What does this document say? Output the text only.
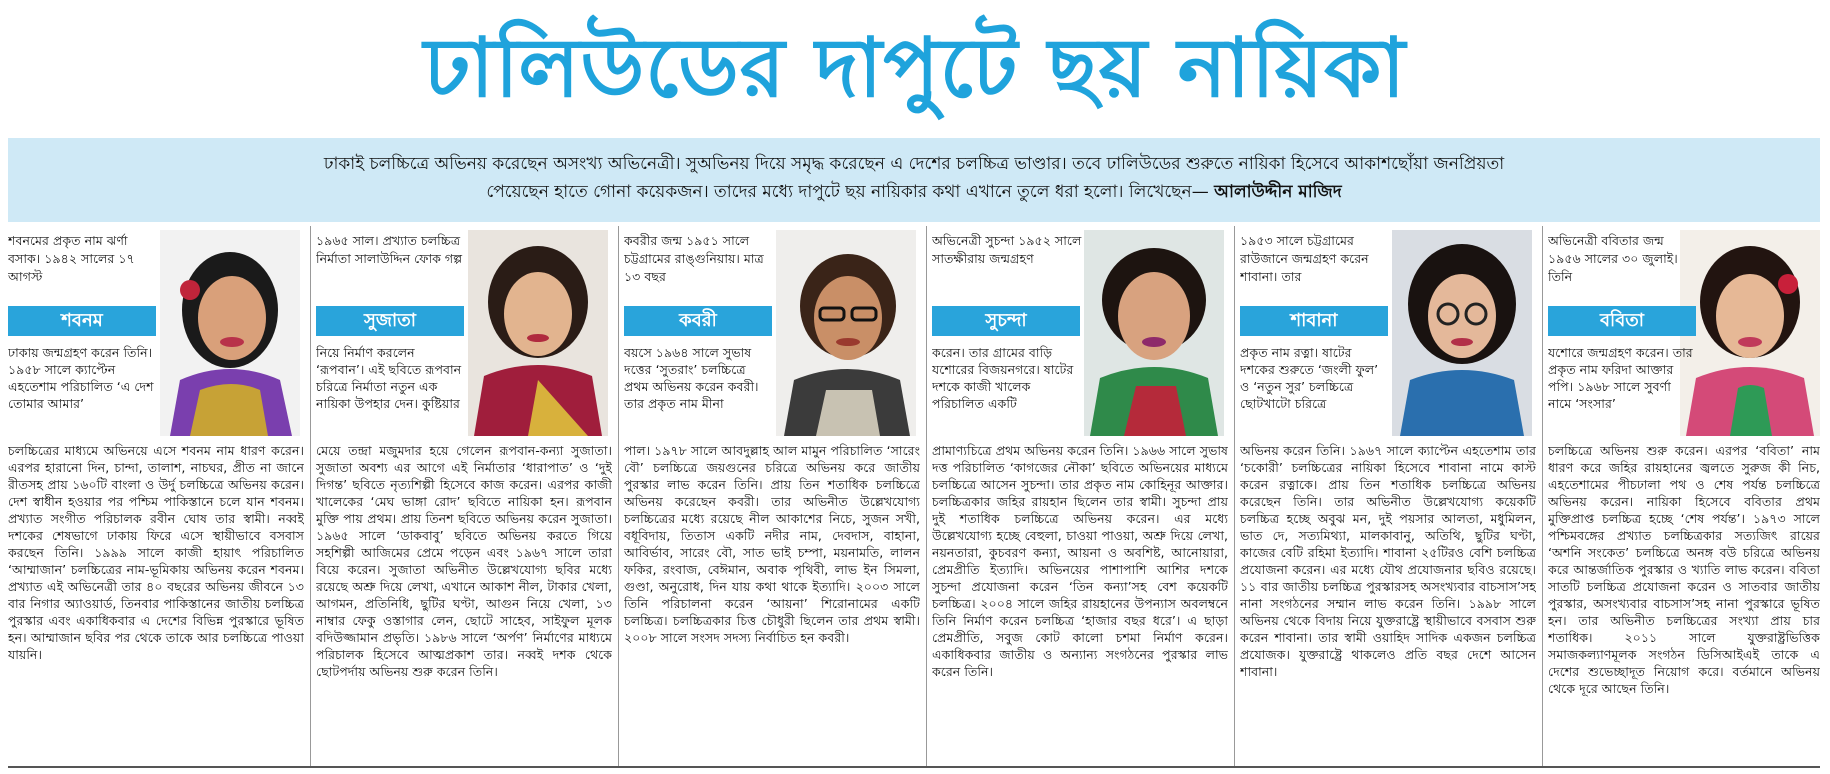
ঢালিউডের দাপুটে ছয় নায়িকা
ঢাকাই চলচ্চিত্রে অভিনয় করেছেন অসংখ্য অভিনেত্রী। সুঅভিনয় দিয়ে সমৃদ্ধ করেছেন এ দেশের চলচ্চিত্র ভাণ্ডার। তবে ঢালিউডের শুরুতে নায়িকা হিসেবে আকাশছোঁয়া জনপ্রিয়তা
পেয়েছেন হাতে গোনা কয়েকজন। তাদের মধ্যে দাপুটে ছয় নায়িকার কথা এখানে তুলে ধরা হলো। লিখেছেন— আলাউদ্দীন মাজিদ
শবনমের প্রকৃত নাম ঝর্ণা বসাক। ১৯৪২ সালের ১৭ আগস্ট
শবনম
ঢাকায় জন্মগ্রহণ করেন তিনি। ১৯৫৮ সালে ক্যাপ্টেন এহতেশাম পরিচালিত ‘এ দেশ তোমার আমার’

চলচ্চিত্রের মাধ্যমে অভিনয়ে এসে শবনম নাম ধারণ করেন। এরপর হারানো দিন, চান্দা, তালাশ, নাচঘর, প্রীত না জানে রীতসহ প্রায় ১৬০টি বাংলা ও উর্দু চলচ্চিত্রে অভিনয় করেন। দেশ স্বাধীন হওয়ার পর পশ্চিম পাকিস্তানে চলে যান শবনম। প্রখ্যাত সংগীত পরিচালক রবীন ঘোষ তার স্বামী। নব্বই দশকের শেষভাগে ঢাকায় ফিরে এসে স্থায়ীভাবে বসবাস করছেন তিনি। ১৯৯৯ সালে কাজী হায়াৎ পরিচালিত ‘আম্মাজান’ চলচ্চিত্রের নাম-ভূমিকায় অভিনয় করেন শবনম। প্রখ্যাত এই অভিনেত্রী তার ৪০ বছরের অভিনয় জীবনে ১৩ বার নিগার অ্যাওয়ার্ড, তিনবার পাকিস্তানের জাতীয় চলচ্চিত্র পুরস্কার এবং একাধিকবার এ দেশের বিভিন্ন পুরস্কারে ভূষিত হন। আম্মাজান ছবির পর থেকে তাকে আর চলচ্চিত্রে পাওয়া যায়নি।

১৯৬৫ সাল। প্রখ্যাত চলচ্চিত্র নির্মাতা সালাউদ্দিন ফোক গল্প
সুজাতা
নিয়ে নির্মাণ করলেন ‘রূপবান’। এই ছবিতে রূপবান চরিত্রে নির্মাতা নতুন এক নায়িকা উপহার দেন। কুষ্টিয়ার

মেয়ে তন্দ্রা মজুমদার হয়ে গেলেন রূপবান-কন্যা সুজাতা। সুজাতা অবশ্য এর আগে এই নির্মাতার ‘ধারাপাত’ ও ‘দুই দিগন্ত’ ছবিতে নৃত্যশিল্পী হিসেবে কাজ করেন। এরপর কাজী খালেকের ‘মেঘ ভাঙ্গা রোদ’ ছবিতে নায়িকা হন। রূপবান মুক্তি পায় প্রথম। প্রায় তিনশ ছবিতে অভিনয় করেন সুজাতা। ১৯৬৫ সালে ‘ডাকবাবু’ ছবিতে অভিনয় করতে গিয়ে সহশিল্পী আজিমের প্রেমে পড়েন এবং ১৯৬৭ সালে তারা বিয়ে করেন। সুজাতা অভিনীত উল্লেখযোগ্য ছবির মধ্যে রয়েছে অশ্রু দিয়ে লেখা, এখানে আকাশ নীল, টাকার খেলা, আগমন, প্রতিনিধি, ছুটির ঘণ্টা, আগুন নিয়ে খেলা, ১৩ নাম্বার ফেকু ওস্তাগার লেন, ছোটে সাহেব, সাইফুল মূলক বদিউজ্জামান প্রভৃতি। ১৯৮৬ সালে ‘অর্পণ’ নির্মাণের মাধ্যমে পরিচালক হিসেবে আত্মপ্রকাশ তার। নব্বই দশক থেকে ছোটপর্দায় অভিনয় শুরু করেন তিনি।

কবরীর জন্ম ১৯৫১ সালে চট্টগ্রামের রাঙ্গুনিয়ায়। মাত্র ১৩ বছর
কবরী
বয়সে ১৯৬৪ সালে সুভাষ দত্তের ‘সুতরাং’ চলচ্চিত্রে প্রথম অভিনয় করেন কবরী। তার প্রকৃত নাম মীনা

পাল। ১৯৭৮ সালে আবদুল্লাহ আল মামুন পরিচালিত ‘সারেং বৌ’ চলচ্চিত্রে জয়গুনের চরিত্রে অভিনয় করে জাতীয় পুরস্কার লাভ করেন তিনি। প্রায় তিন শতাধিক চলচ্চিত্রে অভিনয় করেছেন কবরী। তার অভিনীত উল্লেখযোগ্য চলচ্চিত্রের মধ্যে রয়েছে নীল আকাশের নিচে, সুজন সখী, বধূবিদায়, তিতাস একটি নদীর নাম, দেবদাস, বাহানা, আবির্ভাব, সারেং বৌ, সাত ভাই চম্পা, ময়নামতি, লালন ফকির, রংবাজ, বেঈমান, অবাক পৃথিবী, লাভ ইন সিমলা, গুণ্ডা, অনুরোধ, দিন যায় কথা থাকে ইত্যাদি। ২০০৩ সালে তিনি পরিচালনা করেন ‘আয়না’ শিরোনামের একটি চলচ্চিত্র। চলচ্চিত্রকার চিত্ত চৌধুরী ছিলেন তার প্রথম স্বামী। ২০০৮ সালে সংসদ সদস্য নির্বাচিত হন কবরী।

অভিনেত্রী সুচন্দা ১৯৫২ সালে সাতক্ষীরায় জন্মগ্রহণ
সুচন্দা
করেন। তার গ্রামের বাড়ি যশোরের বিজয়নগরে। ষাটের দশকে কাজী খালেক পরিচালিত একটি

প্রামাণ্যচিত্রে প্রথম অভিনয় করেন তিনি। ১৯৬৬ সালে সুভাষ দত্ত পরিচালিত ‘কাগজের নৌকা’ ছবিতে অভিনয়ের মাধ্যমে চলচ্চিত্রে আসেন সুচন্দা। তার প্রকৃত নাম কোহিনূর আক্তার। চলচ্চিত্রকার জহির রায়হান ছিলেন তার স্বামী। সুচন্দা প্রায় দুই শতাধিক চলচ্চিত্রে অভিনয় করেন। এর মধ্যে উল্লেখযোগ্য হচ্ছে বেহুলা, চাওয়া পাওয়া, অশ্রু দিয়ে লেখা, নয়নতারা, কুচবরণ কন্যা, আয়না ও অবশিষ্ট, আনোয়ারা, প্রেমপ্রীতি ইত্যাদি। অভিনয়ের পাশাপাশি আশির দশকে সুচন্দা প্রযোজনা করেন ‘তিন কন্যা’সহ বেশ কয়েকটি চলচ্চিত্র। ২০০৪ সালে জহির রায়হানের উপন্যাস অবলম্বনে তিনি নির্মাণ করেন চলচ্চিত্র ‘হাজার বছর ধরে’। এ ছাড়া প্রেমপ্রীতি, সবুজ কোট কালো চশমা নির্মাণ করেন। একাধিকবার জাতীয় ও অন্যান্য সংগঠনের পুরস্কার লাভ করেন তিনি।

১৯৫৩ সালে চট্টগ্রামের রাউজানে জন্মগ্রহণ করেন শাবানা। তার
শাবানা
প্রকৃত নাম রত্না। ষাটের দশকের শুরুতে ‘জংলী ফুল’ ও ‘নতুন সুর’ চলচ্চিত্রে ছোটখাটো চরিত্রে

অভিনয় করেন তিনি। ১৯৬৭ সালে ক্যাপ্টেন এহতেশাম তার ‘চকোরী’ চলচ্চিত্রের নায়িকা হিসেবে শাবানা নামে কাস্ট করেন রত্নাকে। প্রায় তিন শতাধিক চলচ্চিত্রে অভিনয় করেছেন তিনি। তার অভিনীত উল্লেখযোগ্য কয়েকটি চলচ্চিত্র হচ্ছে অবুঝ মন, দুই পয়সার আলতা, মধুমিলন, ভাত দে, সত্যমিথ্যা, মালকাবানু, অতিথি, ছুটির ঘণ্টা, কাজের বেটি রহিমা ইত্যাদি। শাবানা ২৫টিরও বেশি চলচ্চিত্র প্রযোজনা করেন। এর মধ্যে যৌথ প্রযোজনার ছবিও রয়েছে। ১১ বার জাতীয় চলচ্চিত্র পুরস্কারসহ অসংখ্যবার বাচসাস’সহ নানা সংগঠনের সম্মান লাভ করেন তিনি। ১৯৯৮ সালে অভিনয় থেকে বিদায় নিয়ে যুক্তরাষ্ট্রে স্থায়ীভাবে বসবাস শুরু করেন শাবানা। তার স্বামী ওয়াহিদ সাদিক একজন চলচ্চিত্র প্রযোজক। যুক্তরাষ্ট্রে থাকলেও প্রতি বছর দেশে আসেন শাবানা।

অভিনেত্রী ববিতার জন্ম ১৯৫৬ সালের ৩০ জুলাই। তিনি
ববিতা
যশোরে জন্মগ্রহণ করেন। তার প্রকৃত নাম ফরিদা আক্তার পপি। ১৯৬৮ সালে সুবর্ণা নামে ‘সংসার’

চলচ্চিত্রে অভিনয় শুরু করেন। এরপর ‘ববিতা’ নাম ধারণ করে জহির রায়হানের জ্বলতে সুরুজ কী নিচ, এহতেশামের পীচঢালা পথ ও শেষ পর্যন্ত চলচ্চিত্রে অভিনয় করেন। নায়িকা হিসেবে ববিতার প্রথম মুক্তিপ্রাপ্ত চলচ্চিত্র হচ্ছে ‘শেষ পর্যন্ত’। ১৯৭৩ সালে পশ্চিমবঙ্গের প্রখ্যাত চলচ্চিত্রকার সত্যজিৎ রায়ের ‘অশনি সংকেত’ চলচ্চিত্রে অনঙ্গ বউ চরিত্রে অভিনয় করে আন্তর্জাতিক পুরস্কার ও খ্যাতি লাভ করেন। ববিতা সাতটি চলচ্চিত্র প্রযোজনা করেন ও সাতবার জাতীয় পুরস্কার, অসংখ্যবার বাচসাস’সহ নানা পুরস্কারে ভূষিত হন। তার অভিনীত চলচ্চিত্রের সংখ্যা প্রায় চার শতাধিক। ২০১১ সালে যুক্তরাষ্ট্রভিত্তিক সমাজকল্যাণমূলক সংগঠন ডিসিআইএই তাকে এ দেশের শুভেচ্ছাদূত নিয়োগ করে। বর্তমানে অভিনয় থেকে দূরে আছেন তিনি।
